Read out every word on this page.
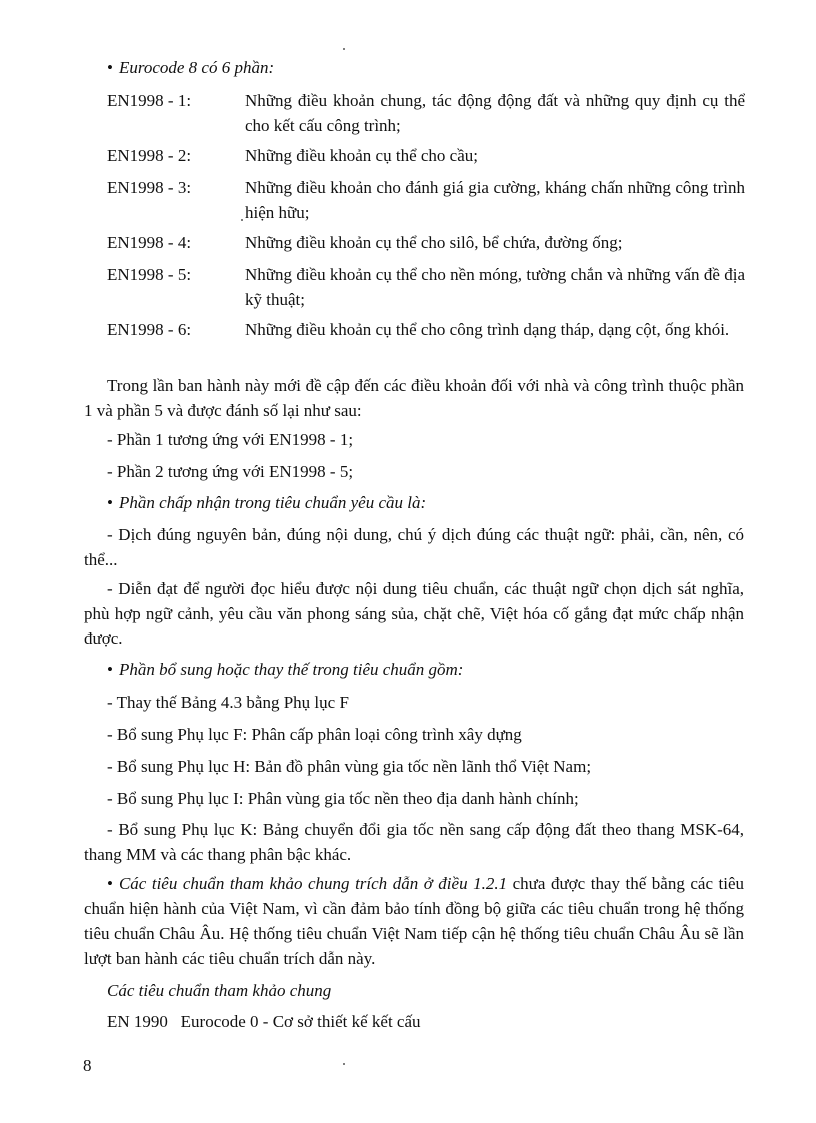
• Eurocode 8 có 6 phần:

EN1998 - 1:	Những điều khoản chung, tác động động đất và những quy định cụ thể cho kết cấu công trình;

EN1998 - 2:	Những điều khoản cụ thể cho cầu;

EN1998 - 3:	Những điều khoản cho đánh giá gia cường, kháng chấn những công trình hiện hữu;

EN1998 - 4:	Những điều khoản cụ thể cho silô, bể chứa, đường ống;

EN1998 - 5:	Những điều khoản cụ thể cho nền móng, tường chắn và những vấn đề địa kỹ thuật;

EN1998 - 6:	Những điều khoản cụ thể cho công trình dạng tháp, dạng cột, ống khói.

Trong lần ban hành này mới đề cập đến các điều khoản đối với nhà và công trình thuộc phần 1 và phần 5 và được đánh số lại như sau:

- Phần 1 tương ứng với EN1998 - 1;

- Phần 2 tương ứng với EN1998 - 5;

• Phần chấp nhận trong tiêu chuẩn yêu cầu là:

- Dịch đúng nguyên bản, đúng nội dung, chú ý dịch đúng các thuật ngữ: phải, cần, nên, có thể...

- Diễn đạt để người đọc hiểu được nội dung tiêu chuẩn, các thuật ngữ chọn dịch sát nghĩa, phù hợp ngữ cảnh, yêu cầu văn phong sáng sủa, chặt chẽ, Việt hóa cố gắng đạt mức chấp nhận được.

• Phần bổ sung hoặc thay thế trong tiêu chuẩn gồm:

- Thay thế Bảng 4.3 bằng Phụ lục F

- Bổ sung Phụ lục F: Phân cấp phân loại công trình xây dựng

- Bổ sung Phụ lục H: Bản đồ phân vùng gia tốc nền lãnh thổ Việt Nam;

- Bổ sung Phụ lục I: Phân vùng gia tốc nền theo địa danh hành chính;

- Bổ sung Phụ lục K: Bảng chuyển đổi gia tốc nền sang cấp động đất theo thang MSK-64, thang MM và các thang phân bậc khác.

• Các tiêu chuẩn tham khảo chung trích dẫn ở điều 1.2.1 chưa được thay thế bằng các tiêu chuẩn hiện hành của Việt Nam, vì cần đảm bảo tính đồng bộ giữa các tiêu chuẩn trong hệ thống tiêu chuẩn Châu Âu. Hệ thống tiêu chuẩn Việt Nam tiếp cận hệ thống tiêu chuẩn Châu Âu sẽ lần lượt ban hành các tiêu chuẩn trích dẫn này.

Các tiêu chuẩn tham khảo chung

EN 1990   Eurocode 0 - Cơ sở thiết kế kết cấu

8
